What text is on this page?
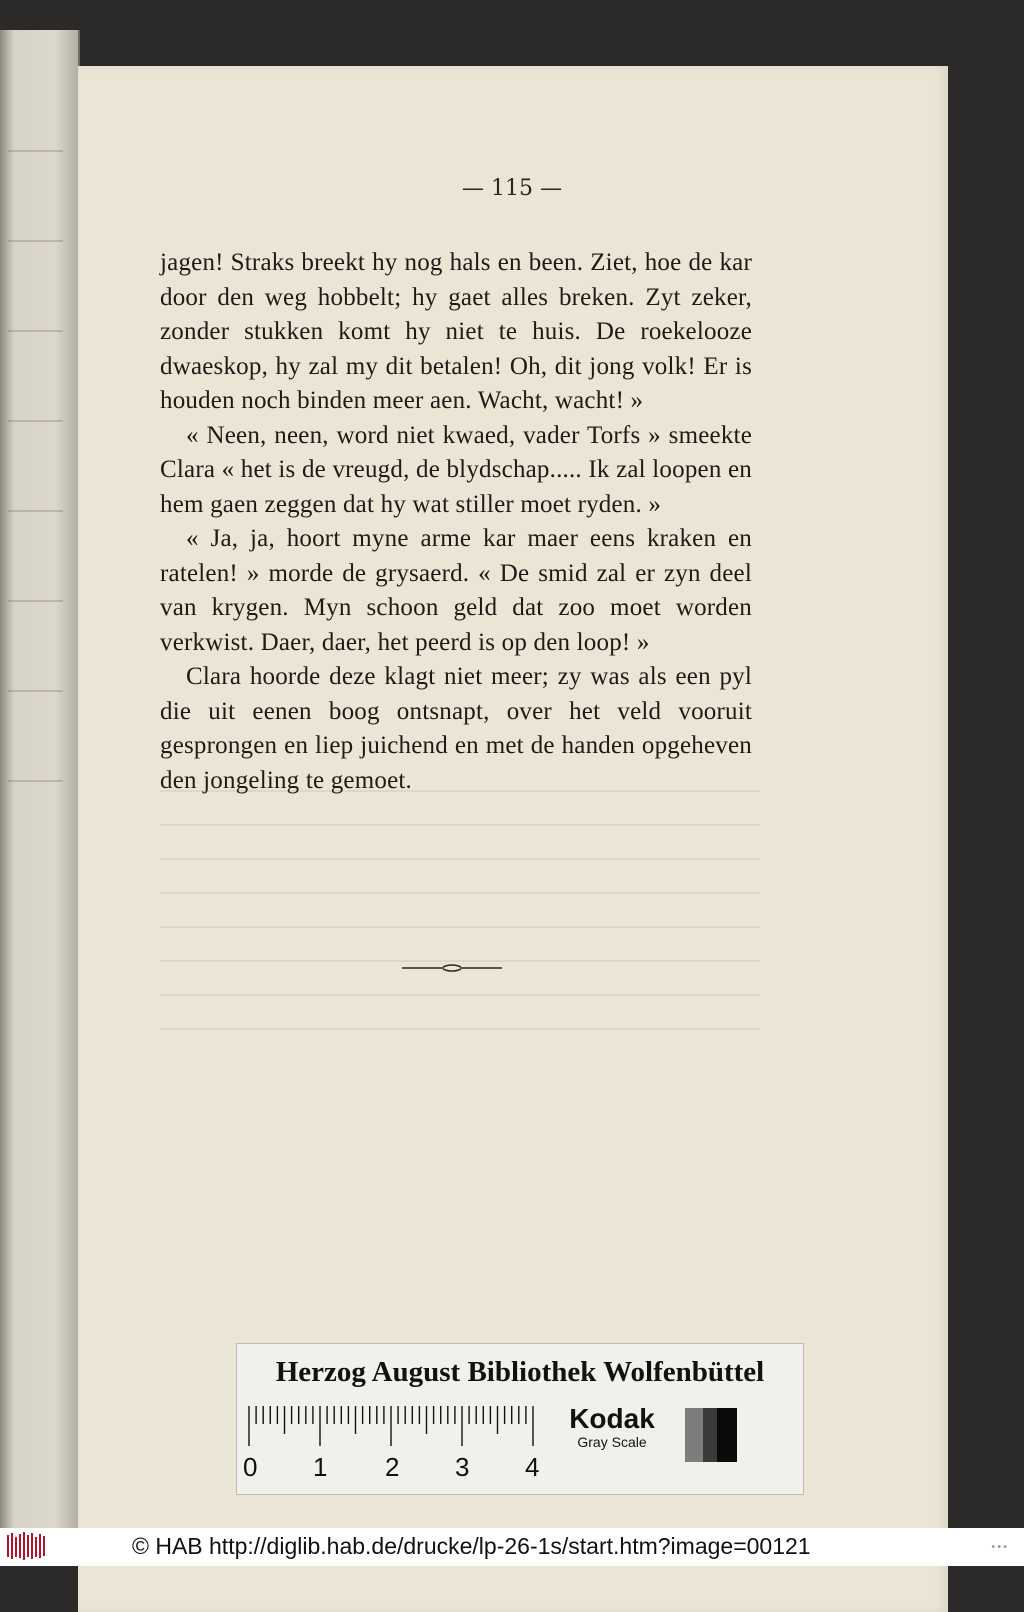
— 115 —

jagen! Straks breekt hy nog hals en been. Ziet, hoe de kar door den weg hobbelt; hy gaet alles breken. Zyt zeker, zonder stukken komt hy niet te huis. De roekelooze dwaeskop, hy zal my dit betalen! Oh, dit jong volk! Er is houden noch binden meer aen. Wacht, wacht! »

« Neen, neen, word niet kwaed, vader Torfs » smeekte Clara « het is de vreugd, de blydschap..... Ik zal loopen en hem gaen zeggen dat hy wat stiller moet ryden. »

« Ja, ja, hoort myne arme kar maer eens kraken en ratelen! » morde de grysaerd. « De smid zal er zyn deel van krygen. Myn schoon geld dat zoo moet worden verkwist. Daer, daer, het peerd is op den loop! »

Clara hoorde deze klagt niet meer; zy was als een pyl die uit eenen boog ontsnapt, over het veld vooruit gesprongen en liep juichend en met de handen opgeheven den jongeling te gemoet.

Herzog August Bibliothek Wolfenbüttel
0 1 2 3 4
Kodak
Gray Scale
© HAB http://diglib.hab.de/drucke/lp-26-1s/start.htm?image=00121	•••
